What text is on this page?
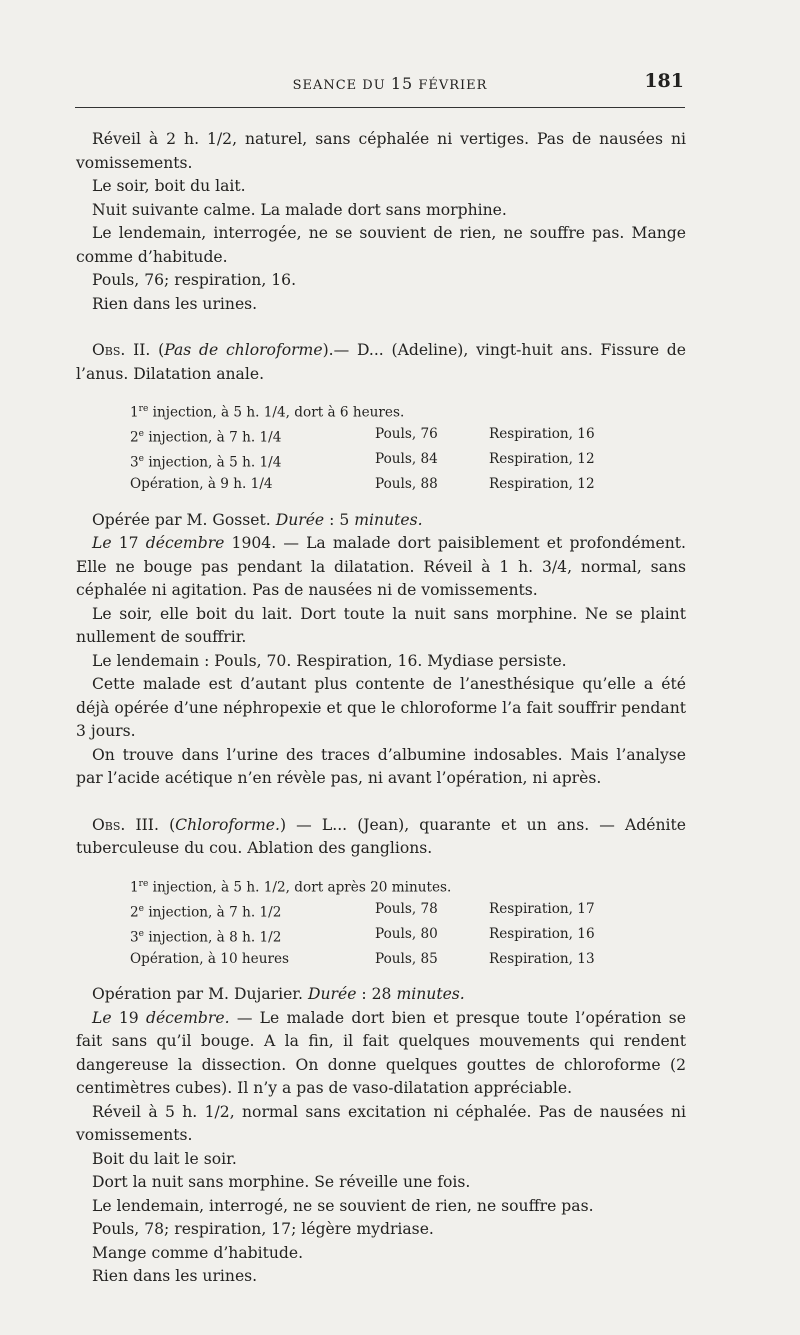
SEANCE DU 15 FÉVRIER	181

Réveil à 2 h. 1/2, naturel, sans céphalée ni vertiges. Pas de nausées ni vomissements.

Le soir, boit du lait.

Nuit suivante calme. La malade dort sans morphine.

Le lendemain, interrogée, ne se souvient de rien, ne souffre pas. Mange comme d’habitude.

Pouls, 76; respiration, 16.

Rien dans les urines.

Obs. II. (Pas de chloroforme).— D... (Adeline), vingt-huit ans. Fissure de l’anus. Dilatation anale.

1re injection, à 5 h. 1/4, dort à 6 heures.
2e injection, à 7 h. 1/4	Pouls, 76	Respiration, 16
3e injection, à 5 h. 1/4	Pouls, 84	Respiration, 12
Opération, à 9 h. 1/4	Pouls, 88	Respiration, 12

Opérée par M. Gosset. Durée : 5 minutes.

Le 17 décembre 1904. — La malade dort paisiblement et profondément. Elle ne bouge pas pendant la dilatation. Réveil à 1 h. 3/4, normal, sans céphalée ni agitation. Pas de nausées ni de vomissements.

Le soir, elle boit du lait. Dort toute la nuit sans morphine. Ne se plaint nullement de souffrir.

Le lendemain : Pouls, 70. Respiration, 16. Mydiase persiste.

Cette malade est d’autant plus contente de l’anesthésique qu’elle a été déjà opérée d’une néphropexie et que le chloroforme l’a fait souffrir pendant 3 jours.

On trouve dans l’urine des traces d’albumine indosables. Mais l’analyse par l’acide acétique n’en révèle pas, ni avant l’opération, ni après.

Obs. III. (Chloroforme.) — L... (Jean), quarante et un ans. — Adénite tuberculeuse du cou. Ablation des ganglions.

1re injection, à 5 h. 1/2, dort après 20 minutes.
2e injection, à 7 h. 1/2	Pouls, 78	Respiration, 17
3e injection, à 8 h. 1/2	Pouls, 80	Respiration, 16
Opération, à 10 heures	Pouls, 85	Respiration, 13

Opération par M. Dujarier. Durée : 28 minutes.

Le 19 décembre. — Le malade dort bien et presque toute l’opération se fait sans qu’il bouge. A la fin, il fait quelques mouvements qui rendent dangereuse la dissection. On donne quelques gouttes de chloroforme (2 centimètres cubes). Il n’y a pas de vaso-dilatation appréciable.

Réveil à 5 h. 1/2, normal sans excitation ni céphalée. Pas de nausées ni vomissements.

Boit du lait le soir.

Dort la nuit sans morphine. Se réveille une fois.

Le lendemain, interrogé, ne se souvient de rien, ne souffre pas.

Pouls, 78; respiration, 17; légère mydriase.

Mange comme d’habitude.

Rien dans les urines.
